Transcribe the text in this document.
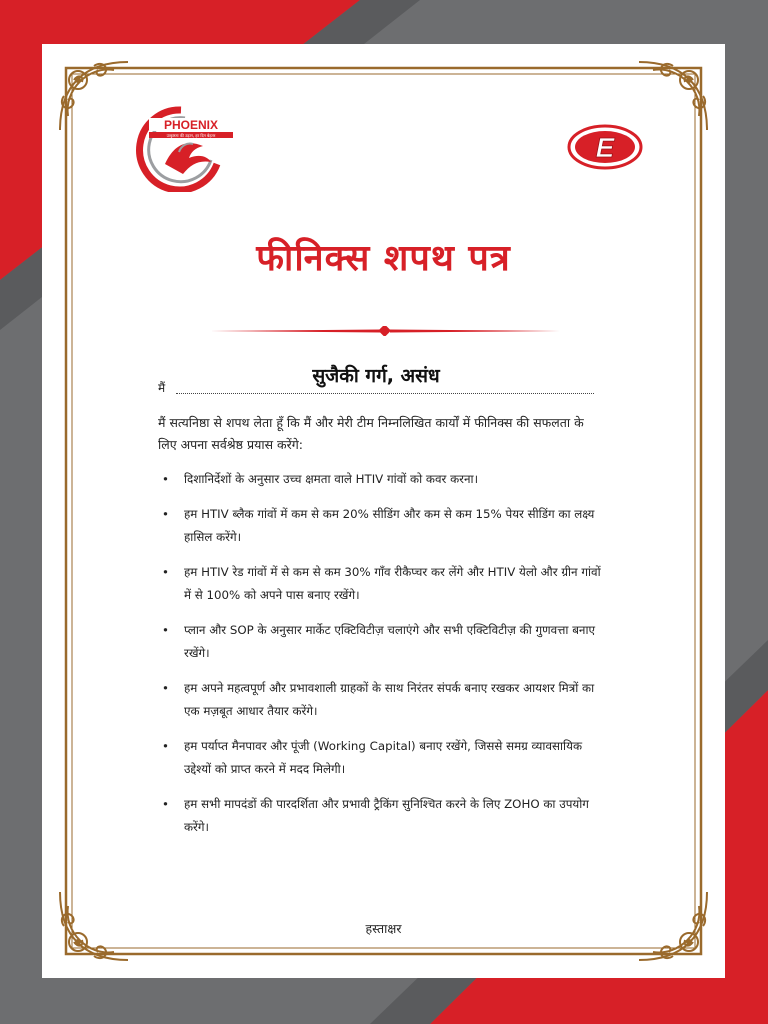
PHOENIX
उत्कृष्टता की उड़ान, हर दिन बेहतर	E
फीनिक्स शपथ पत्र
मैं
सुजैकी गर्ग, असंध
मैं सत्यनिष्ठा से शपथ लेता हूँ कि मैं और मेरी टीम निम्नलिखित कार्यों में फीनिक्स की सफलता के लिए अपना सर्वश्रेष्ठ प्रयास करेंगे:
• दिशानिर्देशों के अनुसार उच्च क्षमता वाले HTIV गांवों को कवर करना।
• हम HTIV ब्लैक गांवों में कम से कम 20% सीडिंग और कम से कम 15% पेयर सीडिंग का लक्ष्य हासिल करेंगे।
• हम HTIV रेड गांवों में से कम से कम 30% गाँव रीकैप्चर कर लेंगे और HTIV येलो और ग्रीन गांवों में से 100% को अपने पास बनाए रखेंगे।
• प्लान और SOP के अनुसार मार्केट एक्टिविटीज़ चलाएंगे और सभी एक्टिविटीज़ की गुणवत्ता बनाए रखेंगे।
• हम अपने महत्वपूर्ण और प्रभावशाली ग्राहकों के साथ निरंतर संपर्क बनाए रखकर आयशर मित्रों का एक मज़बूत आधार तैयार करेंगे।
• हम पर्याप्त मैनपावर और पूंजी (Working Capital) बनाए रखेंगे, जिससे समग्र व्यावसायिक उद्देश्यों को प्राप्त करने में मदद मिलेगी।
• हम सभी मापदंडों की पारदर्शिता और प्रभावी ट्रैकिंग सुनिश्चित करने के लिए ZOHO का उपयोग करेंगे।
हस्ताक्षर
